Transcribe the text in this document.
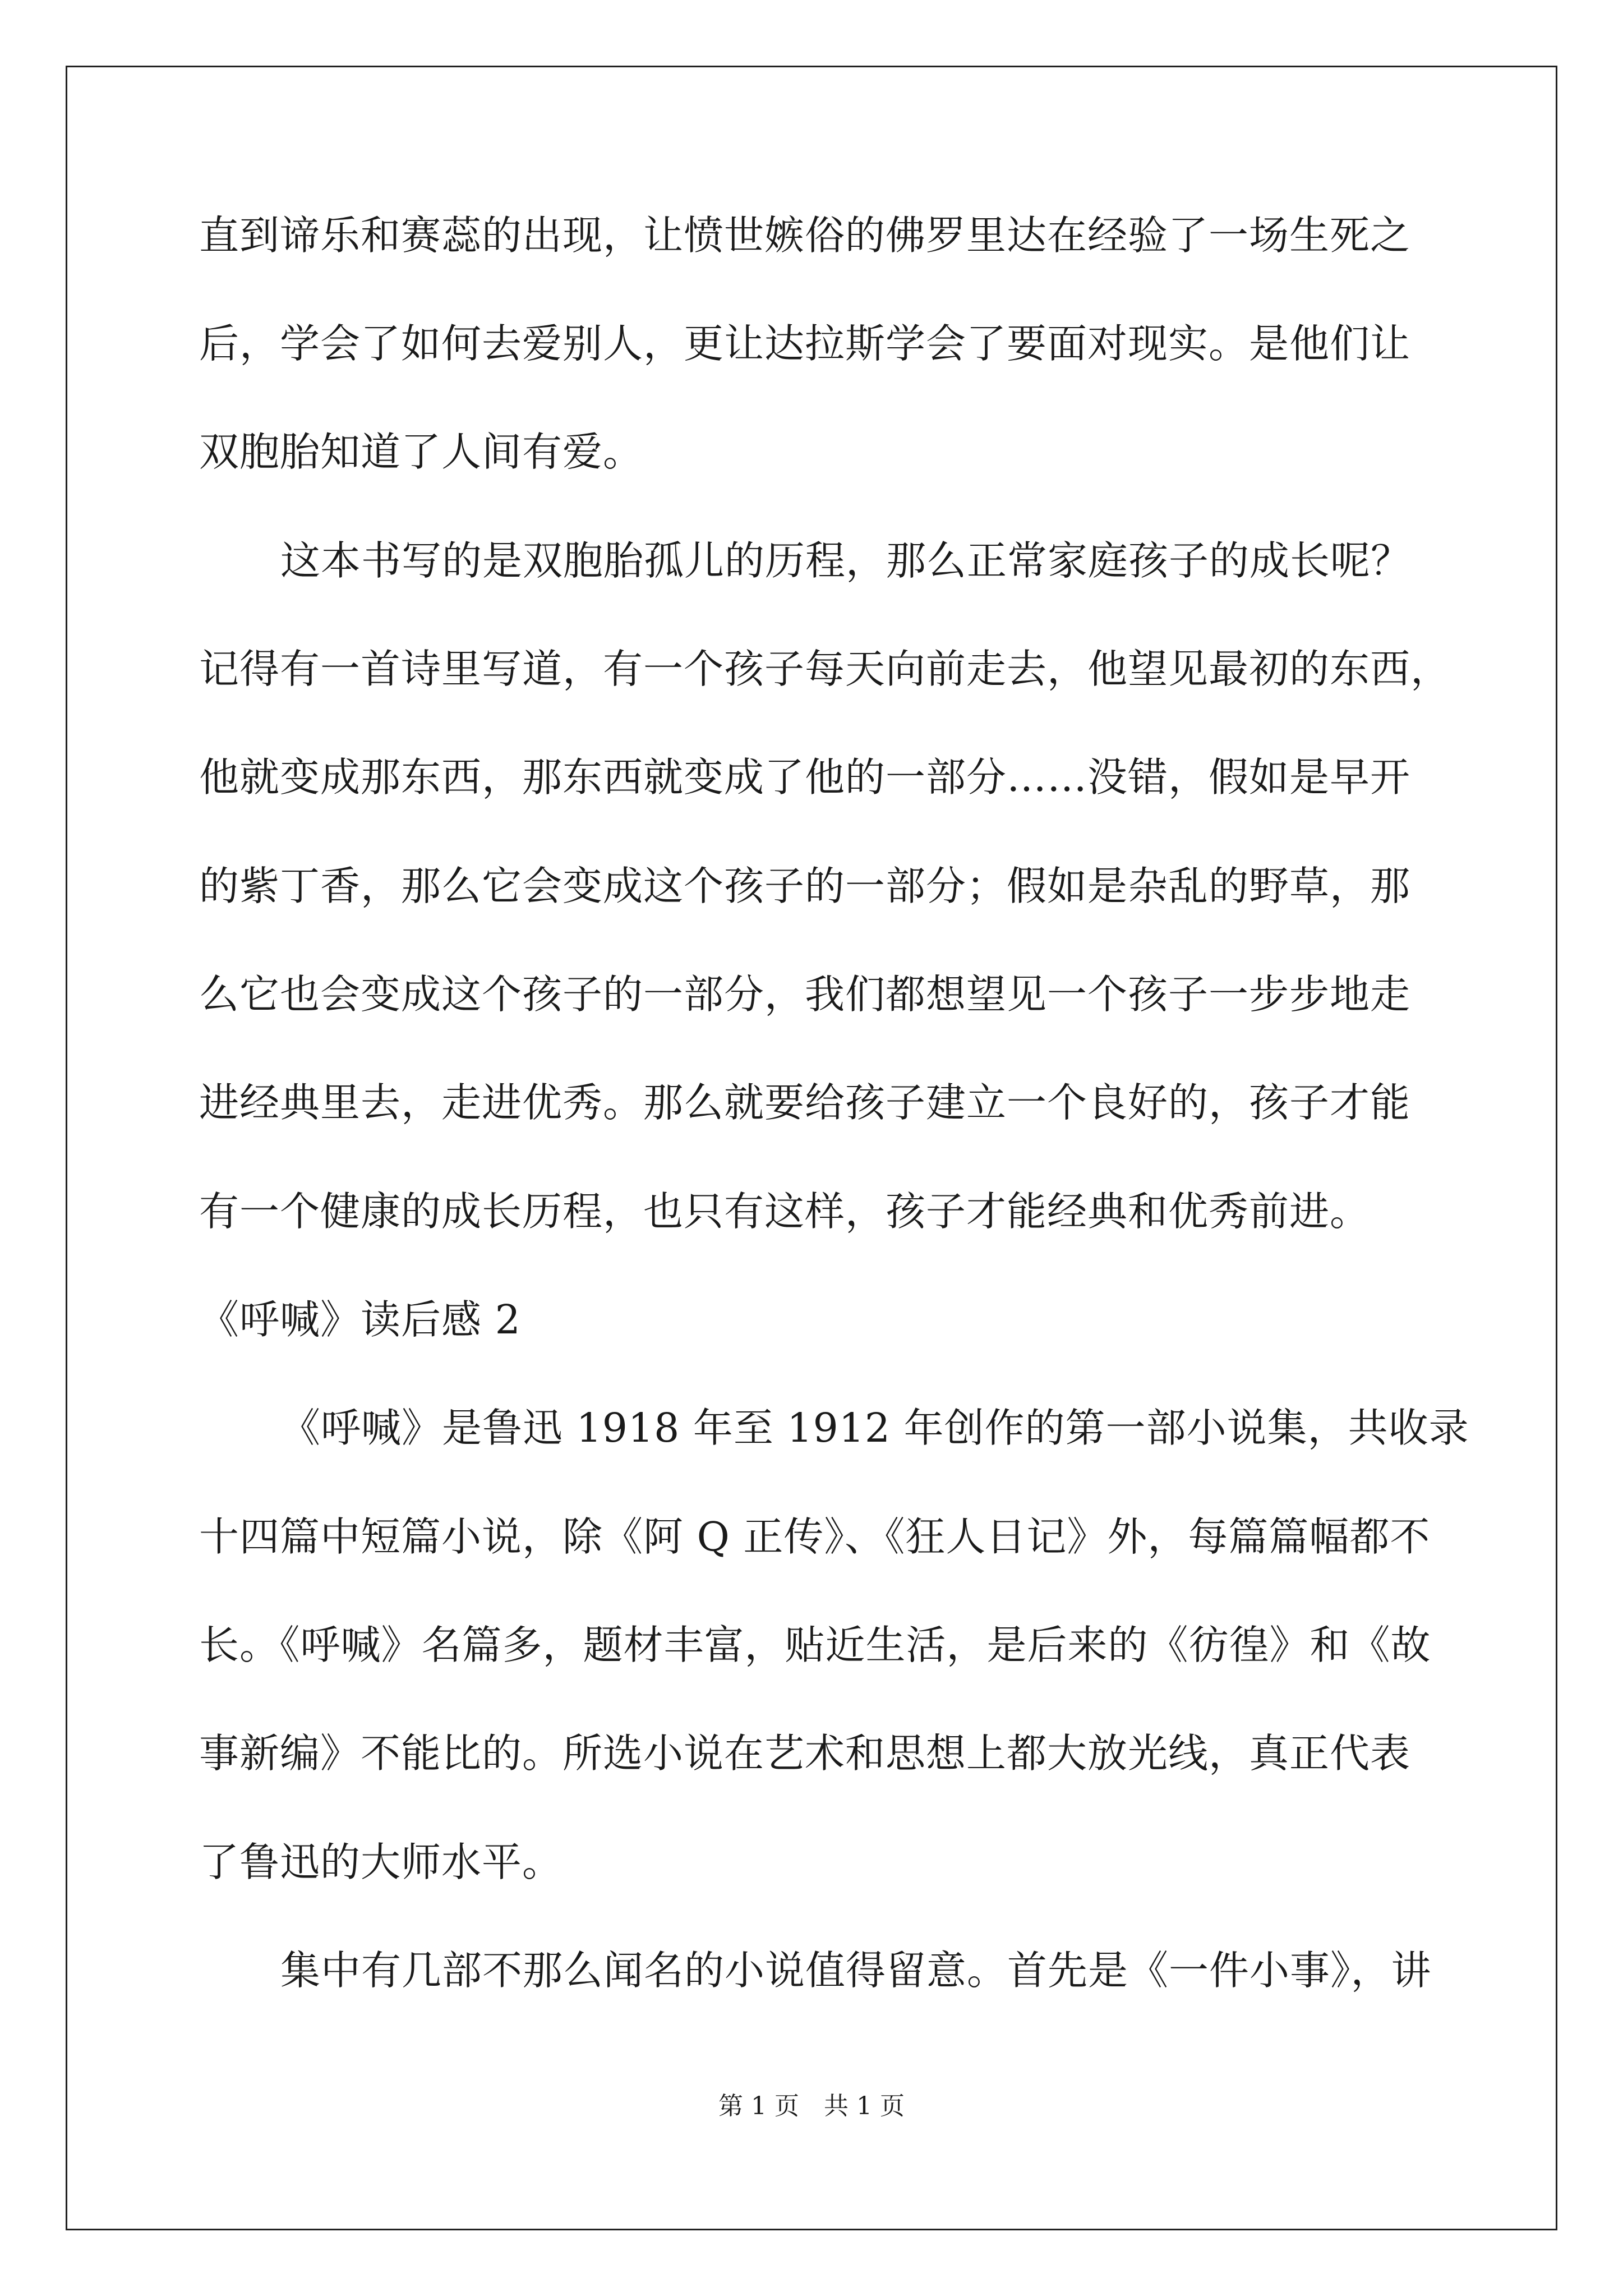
直到谛乐和赛蕊的出现，让愤世嫉俗的佛罗里达在经验了一场生死之
后，学会了如何去爱别人，更让达拉斯学会了要面对现实。是他们让
双胞胎知道了人间有爱。
这本书写的是双胞胎孤儿的历程，那么正常家庭孩子的成长呢？
记得有一首诗里写道，有一个孩子每天向前走去，他望见最初的东西，
他就变成那东西，那东西就变成了他的一部分……没错，假如是早开
的紫丁香，那么它会变成这个孩子的一部分；假如是杂乱的野草，那
么它也会变成这个孩子的一部分，我们都想望见一个孩子一步步地走
进经典里去，走进优秀。那么就要给孩子建立一个良好的，孩子才能
有一个健康的成长历程，也只有这样，孩子才能经典和优秀前进。
《呼喊》读后感 2
《呼喊》是鲁迅 1918 年至 1912 年创作的第一部小说集，共收录
十四篇中短篇小说，除《阿 Q 正传》、《狂人日记》外，每篇篇幅都不
长。《呼喊》名篇多，题材丰富，贴近生活，是后来的《彷徨》和《故
事新编》不能比的。所选小说在艺术和思想上都大放光线，真正代表
了鲁迅的大师水平。
集中有几部不那么闻名的小说值得留意。首先是《一件小事》，讲
第 1 页　共 1 页
